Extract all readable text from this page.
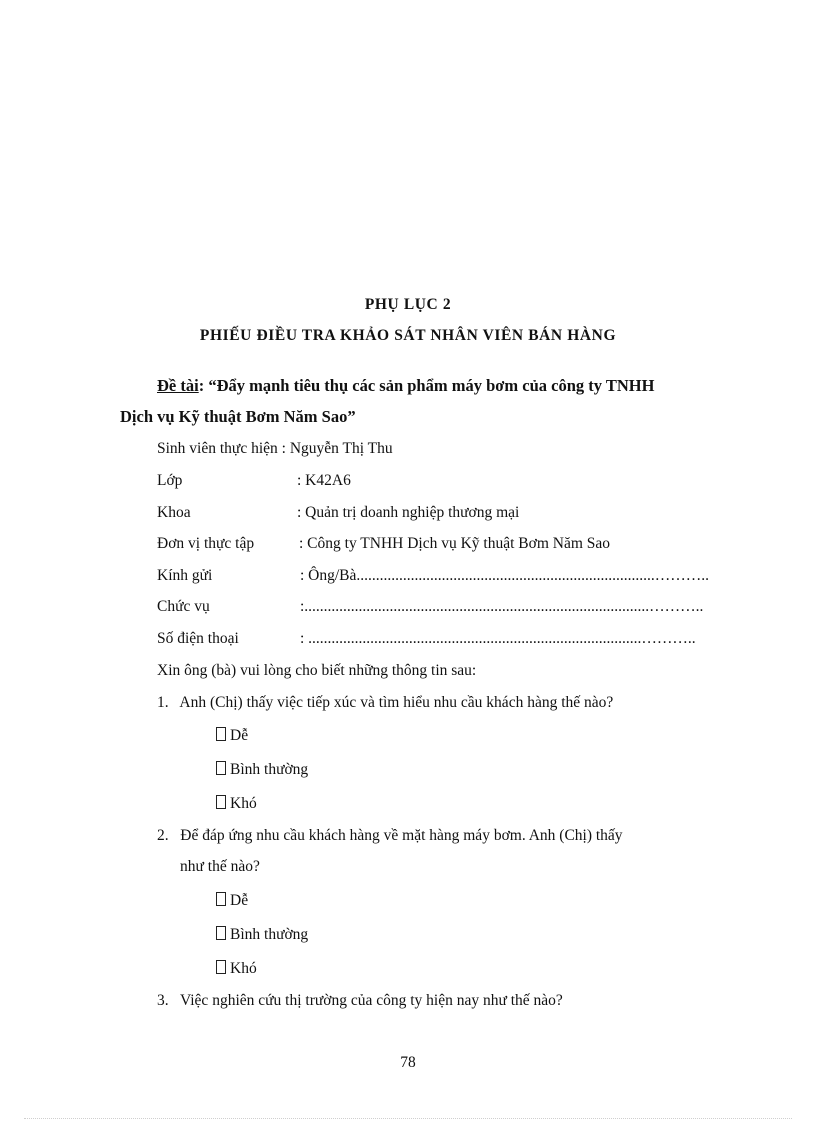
PHỤ LỤC 2
PHIẾU ĐIỀU TRA KHẢO SÁT NHÂN VIÊN BÁN HÀNG
Đề tài: “Đẩy mạnh tiêu thụ các sản phẩm máy bơm của công ty TNHH
Dịch vụ Kỹ thuật Bơm Năm Sao”
Sinh viên thực hiện : Nguyễn Thị Thu
Lớp	: K42A6
Khoa	: Quản trị doanh nghiệp thương mại
Đơn vị thực tập	: Công ty TNHH Dịch vụ Kỹ thuật Bơm Năm Sao
Kính gửi	: Ông/Bà.............................................................................………..
Chức vụ	:.........................................................................................………..
Số điện thoại	: ......................................................................................………..
Xin ông (bà) vui lòng cho biết những thông tin sau:
1. Anh (Chị) thấy việc tiếp xúc và tìm hiểu nhu cầu khách hàng thế nào?
Dễ
Bình thường
Khó
2. Để đáp ứng nhu cầu khách hàng về mặt hàng máy bơm. Anh (Chị) thấy
như thế nào?
Dễ
Bình thường
Khó
3. Việc nghiên cứu thị trường của công ty hiện nay như thế nào?
78
